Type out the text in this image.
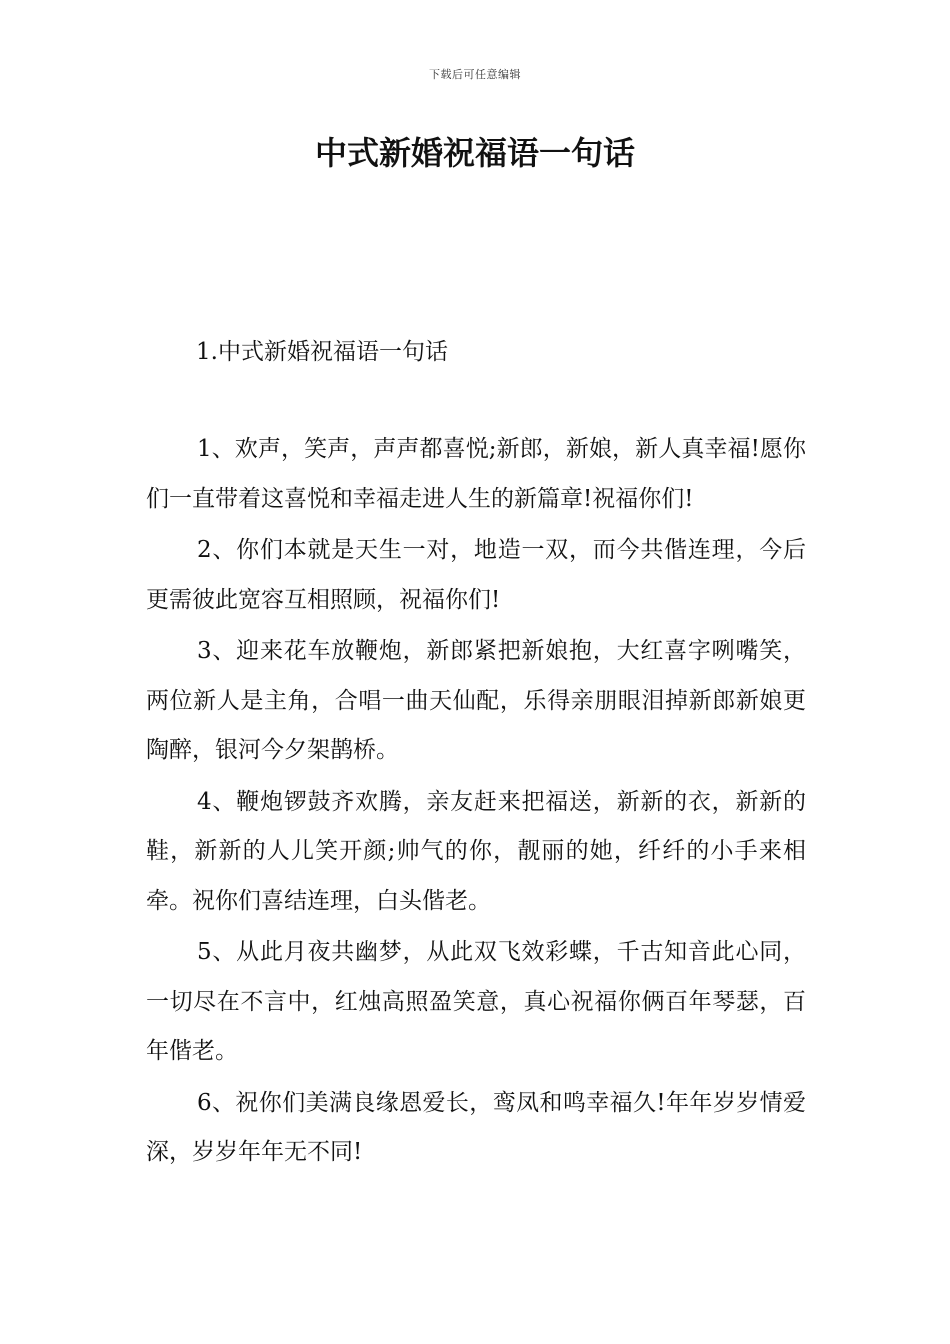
下载后可任意编辑
中式新婚祝福语一句话

1.中式新婚祝福语一句话

1、欢声，笑声，声声都喜悦;新郎，新娘，新人真幸福!愿你们一直带着这喜悦和幸福走进人生的新篇章!祝福你们!

2、你们本就是天生一对，地造一双，而今共偕连理，今后更需彼此宽容互相照顾，祝福你们!

3、迎来花车放鞭炮，新郎紧把新娘抱，大红喜字咧嘴笑，两位新人是主角，合唱一曲天仙配，乐得亲朋眼泪掉新郎新娘更陶醉，银河今夕架鹊桥。

4、鞭炮锣鼓齐欢腾，亲友赶来把福送，新新的衣，新新的鞋，新新的人儿笑开颜;帅气的你，靓丽的她，纤纤的小手来相牵。祝你们喜结连理，白头偕老。

5、从此月夜共幽梦，从此双飞效彩蝶，千古知音此心同，一切尽在不言中，红烛高照盈笑意，真心祝福你俩百年琴瑟，百年偕老。

6、祝你们美满良缘恩爱长，鸾凤和鸣幸福久!年年岁岁情爱深，岁岁年年无不同!
